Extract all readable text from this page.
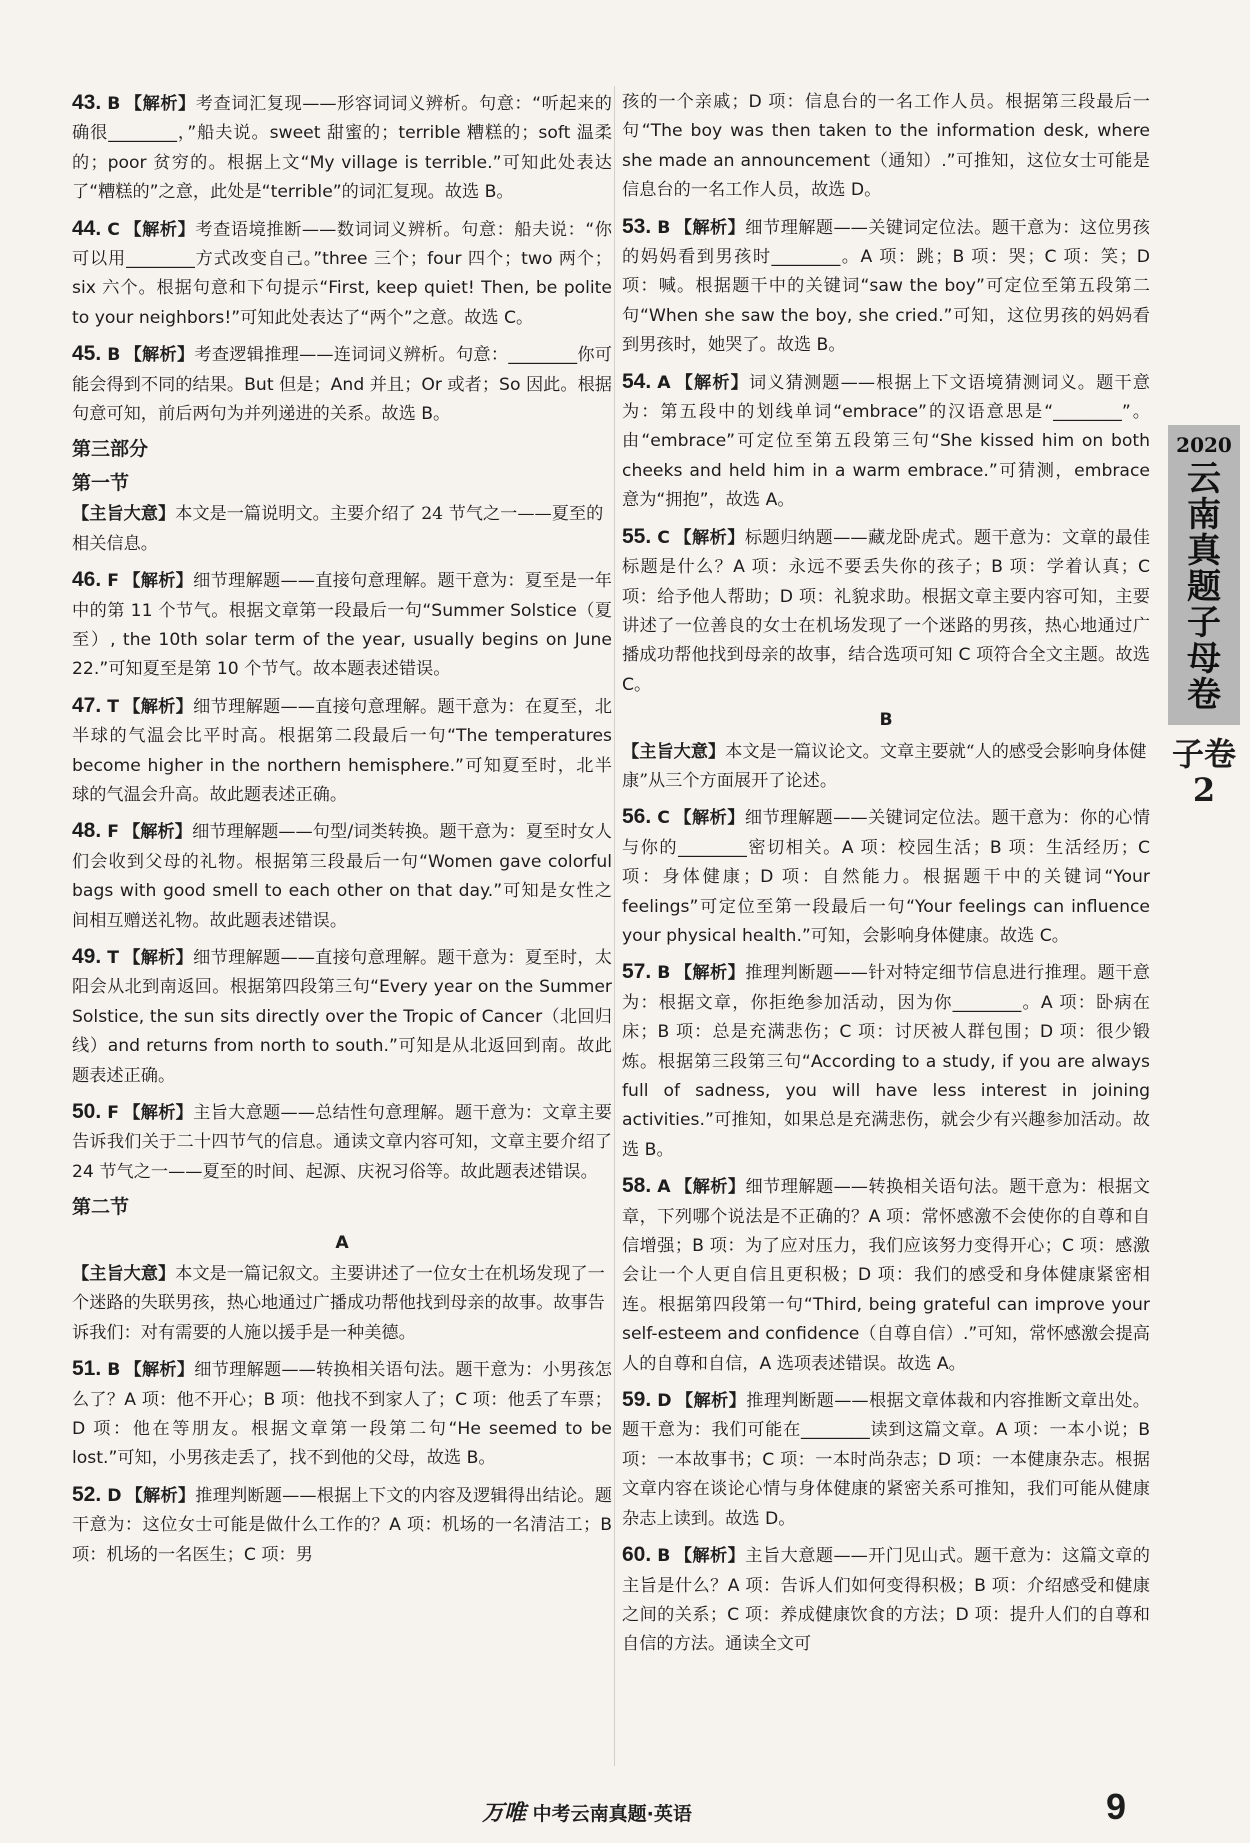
43. B 【解析】考查词汇复现——形容词词义辨析。句意：“听起来的确很________，”船夫说。sweet 甜蜜的；terrible 糟糕的；soft 温柔的；poor 贫穷的。根据上文“My village is terrible.”可知此处表达了“糟糕的”之意，此处是“terrible”的词汇复现。故选 B。
44. C 【解析】考查语境推断——数词词义辨析。句意：船夫说：“你可以用________方式改变自己。”three 三个；four 四个；two 两个；six 六个。根据句意和下句提示“First, keep quiet! Then, be polite to your neighbors!”可知此处表达了“两个”之意。故选 C。
45. B 【解析】考查逻辑推理——连词词义辨析。句意：________你可能会得到不同的结果。But 但是；And 并且；Or 或者；So 因此。根据句意可知，前后两句为并列递进的关系。故选 B。
第三部分
第一节
【主旨大意】本文是一篇说明文。主要介绍了 24 节气之一——夏至的相关信息。
46. F 【解析】细节理解题——直接句意理解。题干意为：夏至是一年中的第 11 个节气。根据文章第一段最后一句“Summer Solstice（夏至）, the 10th solar term of the year, usually begins on June 22.”可知夏至是第 10 个节气。故本题表述错误。
47. T 【解析】细节理解题——直接句意理解。题干意为：在夏至，北半球的气温会比平时高。根据第二段最后一句“The temperatures become higher in the northern hemisphere.”可知夏至时，北半球的气温会升高。故此题表述正确。
48. F 【解析】细节理解题——句型/词类转换。题干意为：夏至时女人们会收到父母的礼物。根据第三段最后一句“Women gave colorful bags with good smell to each other on that day.”可知是女性之间相互赠送礼物。故此题表述错误。
49. T 【解析】细节理解题——直接句意理解。题干意为：夏至时，太阳会从北到南返回。根据第四段第三句“Every year on the Summer Solstice, the sun sits directly over the Tropic of Cancer（北回归线）and returns from north to south.”可知是从北返回到南。故此题表述正确。
50. F 【解析】主旨大意题——总结性句意理解。题干意为：文章主要告诉我们关于二十四节气的信息。通读文章内容可知，文章主要介绍了 24 节气之一——夏至的时间、起源、庆祝习俗等。故此题表述错误。
第二节
A
【主旨大意】本文是一篇记叙文。主要讲述了一位女士在机场发现了一个迷路的失联男孩，热心地通过广播成功帮他找到母亲的故事。故事告诉我们：对有需要的人施以援手是一种美德。
51. B 【解析】细节理解题——转换相关语句法。题干意为：小男孩怎么了？A 项：他不开心；B 项：他找不到家人了；C 项：他丢了车票；D 项：他在等朋友。根据文章第一段第二句“He seemed to be lost.”可知，小男孩走丢了，找不到他的父母，故选 B。
52. D 【解析】推理判断题——根据上下文的内容及逻辑得出结论。题干意为：这位女士可能是做什么工作的？A 项：机场的一名清洁工；B 项：机场的一名医生；C 项：男
孩的一个亲戚；D 项：信息台的一名工作人员。根据第三段最后一句“The boy was then taken to the information desk, where she made an announcement（通知）.”可推知，这位女士可能是信息台的一名工作人员，故选 D。
53. B 【解析】细节理解题——关键词定位法。题干意为：这位男孩的妈妈看到男孩时________。A 项：跳；B 项：哭；C 项：笑；D 项：喊。根据题干中的关键词“saw the boy”可定位至第五段第二句“When she saw the boy, she cried.”可知，这位男孩的妈妈看到男孩时，她哭了。故选 B。
54. A 【解析】词义猜测题——根据上下文语境猜测词义。题干意为：第五段中的划线单词“embrace”的汉语意思是“________”。由“embrace”可定位至第五段第三句“She kissed him on both cheeks and held him in a warm embrace.”可猜测，embrace 意为“拥抱”，故选 A。
55. C 【解析】标题归纳题——藏龙卧虎式。题干意为：文章的最佳标题是什么？A 项：永远不要丢失你的孩子；B 项：学着认真；C 项：给予他人帮助；D 项：礼貌求助。根据文章主要内容可知，主要讲述了一位善良的女士在机场发现了一个迷路的男孩，热心地通过广播成功帮他找到母亲的故事，结合选项可知 C 项符合全文主题。故选 C。
B
【主旨大意】本文是一篇议论文。文章主要就“人的感受会影响身体健康”从三个方面展开了论述。
56. C 【解析】细节理解题——关键词定位法。题干意为：你的心情与你的________密切相关。A 项：校园生活；B 项：生活经历；C 项：身体健康；D 项：自然能力。根据题干中的关键词“Your feelings”可定位至第一段最后一句“Your feelings can influence your physical health.”可知，会影响身体健康。故选 C。
57. B 【解析】推理判断题——针对特定细节信息进行推理。题干意为：根据文章，你拒绝参加活动，因为你________。A 项：卧病在床；B 项：总是充满悲伤；C 项：讨厌被人群包围；D 项：很少锻炼。根据第三段第三句“According to a study, if you are always full of sadness, you will have less interest in joining activities.”可推知，如果总是充满悲伤，就会少有兴趣参加活动。故选 B。
58. A 【解析】细节理解题——转换相关语句法。题干意为：根据文章，下列哪个说法是不正确的？A 项：常怀感激不会使你的自尊和自信增强；B 项：为了应对压力，我们应该努力变得开心；C 项：感激会让一个人更自信且更积极；D 项：我们的感受和身体健康紧密相连。根据第四段第一句“Third, being grateful can improve your self-esteem and confidence（自尊自信）.”可知，常怀感激会提高人的自尊和自信，A 选项表述错误。故选 A。
59. D 【解析】推理判断题——根据文章体裁和内容推断文章出处。题干意为：我们可能在________读到这篇文章。A 项：一本小说；B 项：一本故事书；C 项：一本时尚杂志；D 项：一本健康杂志。根据文章内容在谈论心情与身体健康的紧密关系可推知，我们可能从健康杂志上读到。故选 D。
60. B 【解析】主旨大意题——开门见山式。题干意为：这篇文章的主旨是什么？A 项：告诉人们如何变得积极；B 项：介绍感受和健康之间的关系；C 项：养成健康饮食的方法；D 项：提升人们的自尊和自信的方法。通读全文可
2020
云南真题子母卷
子卷2
万唯 中考云南真题·英语	9
